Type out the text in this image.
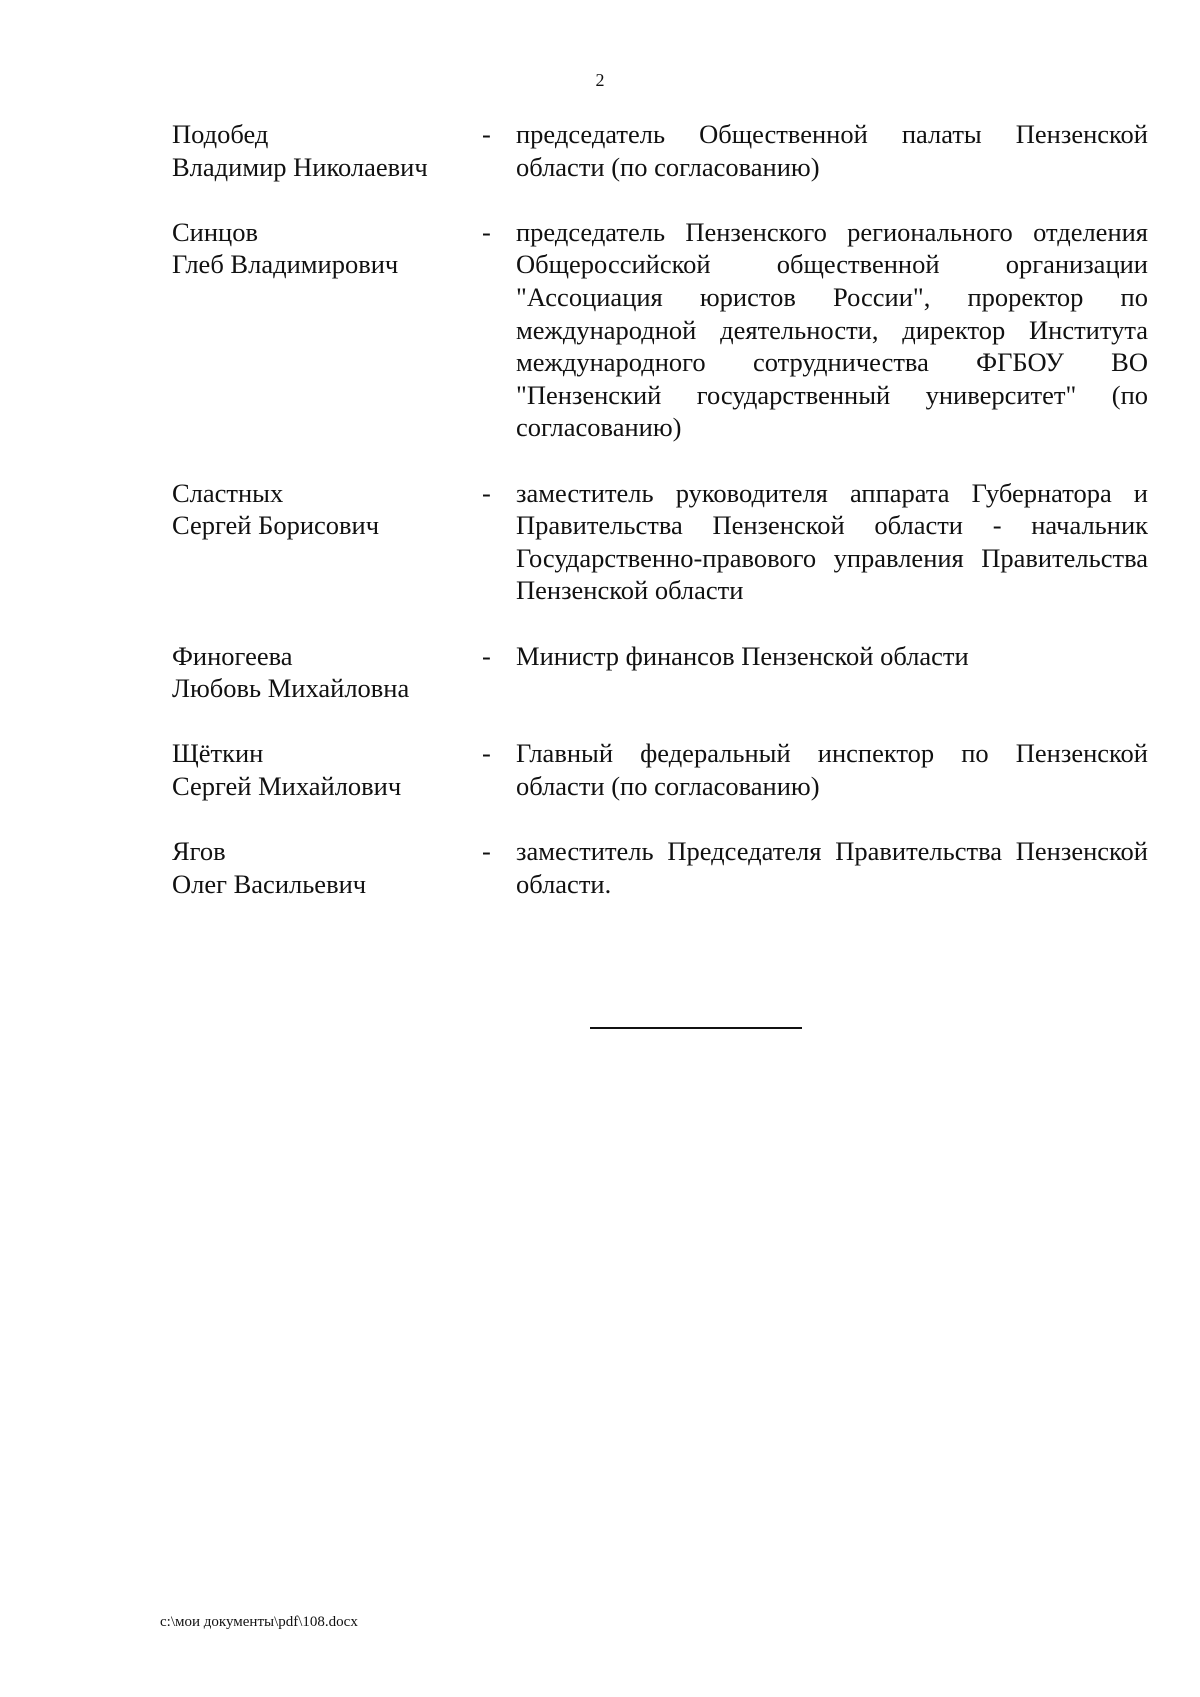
2
Подобед
Владимир Николаевич
- председатель Общественной палаты Пензенской области (по согласованию)
Синцов
Глеб Владимирович
- председатель Пензенского регионального отделения Общероссийской общественной организации "Ассоциация юристов России", проректор по международной деятельности, директор Института международного сотрудничества ФГБОУ ВО "Пензенский государственный университет" (по согласованию)
Сластных
Сергей Борисович
- заместитель руководителя аппарата Губернатора и Правительства Пензенской области - начальник Государственно-правового управления Правительства Пензенской области
Финогеева
Любовь Михайловна
- Министр финансов Пензенской области
Щёткин
Сергей Михайлович
- Главный федеральный инспектор по Пензенской области (по согласованию)
Ягов
Олег Васильевич
- заместитель Председателя Правительства Пензенской области.
c:\мои документы\pdf\108.docx
